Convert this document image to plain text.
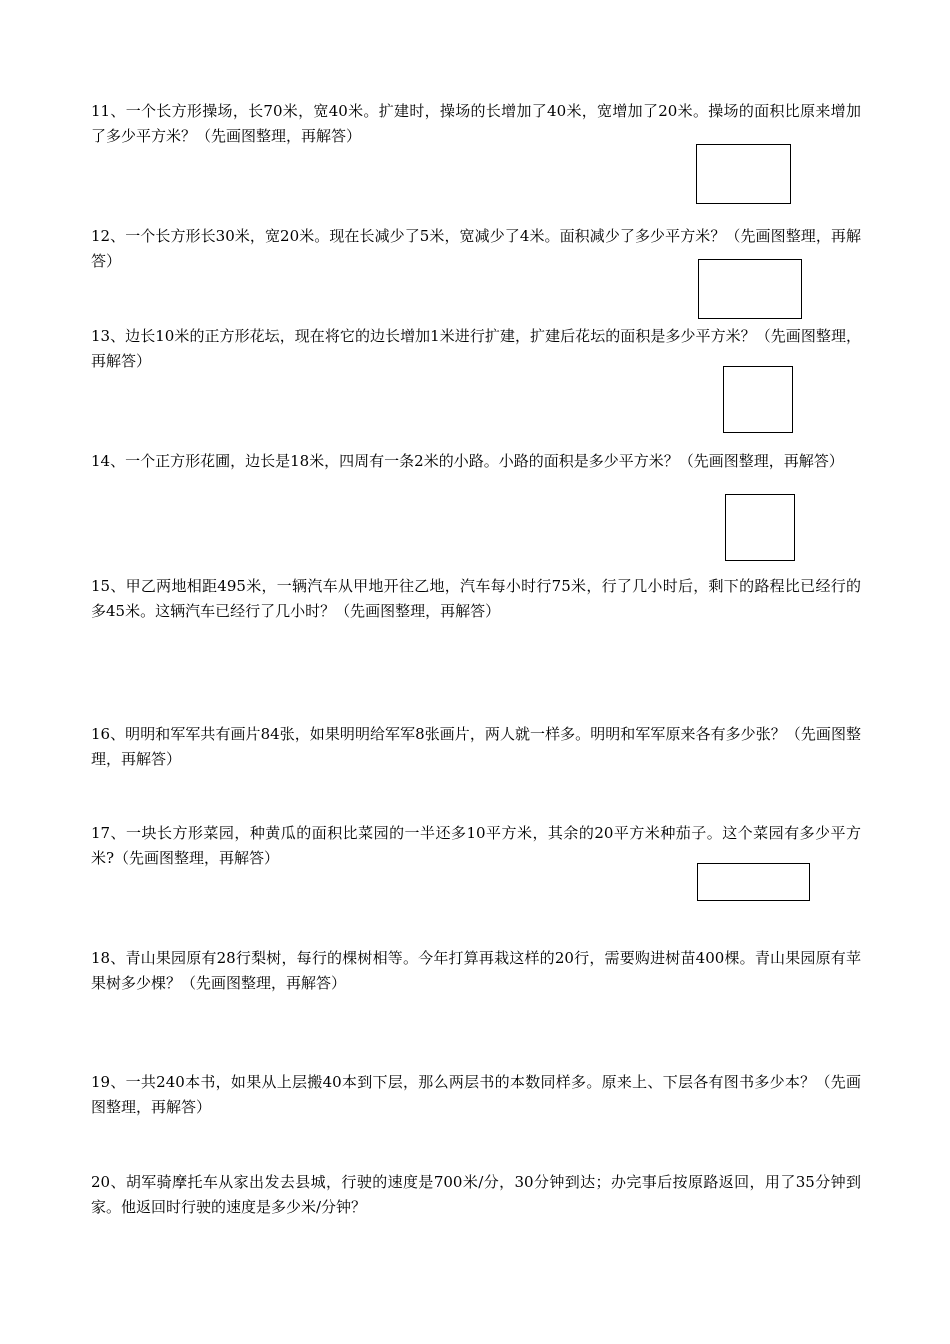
11、一个长方形操场，长70米，宽40米。扩建时，操场的长增加了40米，宽增加了20米。操场的面积比原来增加了多少平方米？（先画图整理，再解答）
12、一个长方形长30米，宽20米。现在长减少了5米，宽减少了4米。面积减少了多少平方米？（先画图整理，再解答）
13、边长10米的正方形花坛，现在将它的边长增加1米进行扩建，扩建后花坛的面积是多少平方米？（先画图整理，再解答）
14、一个正方形花圃，边长是18米，四周有一条2米的小路。小路的面积是多少平方米？（先画图整理，再解答）
15、甲乙两地相距495米，一辆汽车从甲地开往乙地，汽车每小时行75米，行了几小时后，剩下的路程比已经行的多45米。这辆汽车已经行了几小时？（先画图整理，再解答）
16、明明和军军共有画片84张，如果明明给军军8张画片，两人就一样多。明明和军军原来各有多少张？（先画图整理，再解答）
17、一块长方形菜园，种黄瓜的面积比菜园的一半还多10平方米，其余的20平方米种茄子。这个菜园有多少平方米?（先画图整理，再解答）
18、青山果园原有28行梨树，每行的棵树相等。今年打算再栽这样的20行，需要购进树苗400棵。青山果园原有苹果树多少棵？（先画图整理，再解答）
19、一共240本书，如果从上层搬40本到下层，那么两层书的本数同样多。原来上、下层各有图书多少本？（先画图整理，再解答）
20、胡军骑摩托车从家出发去县城，行驶的速度是700米/分，30分钟到达；办完事后按原路返回，用了35分钟到家。他返回时行驶的速度是多少米/分钟？
